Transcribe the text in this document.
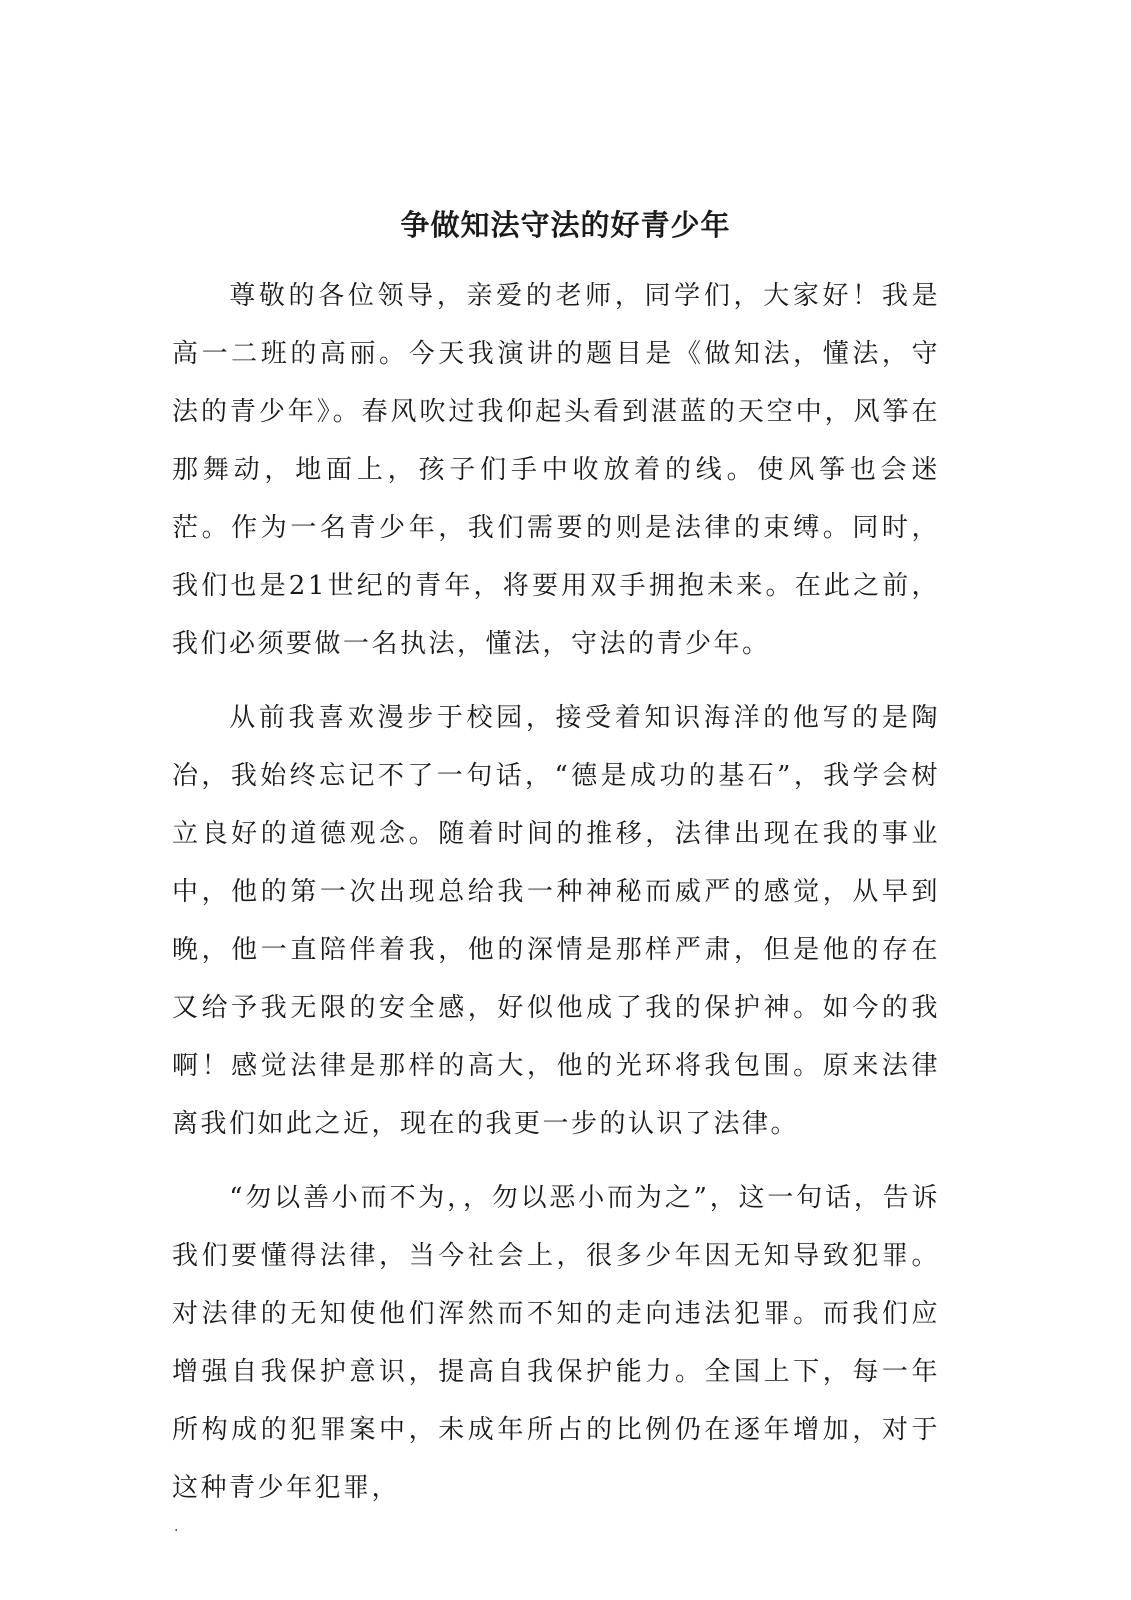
争做知法守法的好青少年

尊敬的各位领导，亲爱的老师，同学们，大家好！我是高一二班的高丽。今天我演讲的题目是《做知法，懂法，守法的青少年》。春风吹过我仰起头看到湛蓝的天空中，风筝在那舞动，地面上，孩子们手中收放着的线。使风筝也会迷茫。作为一名青少年，我们需要的则是法律的束缚。同时，我们也是21世纪的青年，将要用双手拥抱未来。在此之前，我们必须要做一名执法，懂法，守法的青少年。

从前我喜欢漫步于校园，接受着知识海洋的他写的是陶冶，我始终忘记不了一句话，“德是成功的基石”，我学会树立良好的道德观念。随着时间的推移，法律出现在我的事业中，他的第一次出现总给我一种神秘而威严的感觉，从早到晚，他一直陪伴着我，他的深情是那样严肃，但是他的存在又给予我无限的安全感，好似他成了我的保护神。如今的我啊！感觉法律是那样的高大，他的光环将我包围。原来法律离我们如此之近，现在的我更一步的认识了法律。

“勿以善小而不为，，勿以恶小而为之”，这一句话，告诉我们要懂得法律，当今社会上，很多少年因无知导致犯罪。对法律的无知使他们浑然而不知的走向违法犯罪。而我们应增强自我保护意识，提高自我保护能力。全国上下，每一年所构成的犯罪案中，未成年所占的比例仍在逐年增加，对于这种青少年犯罪，

.
